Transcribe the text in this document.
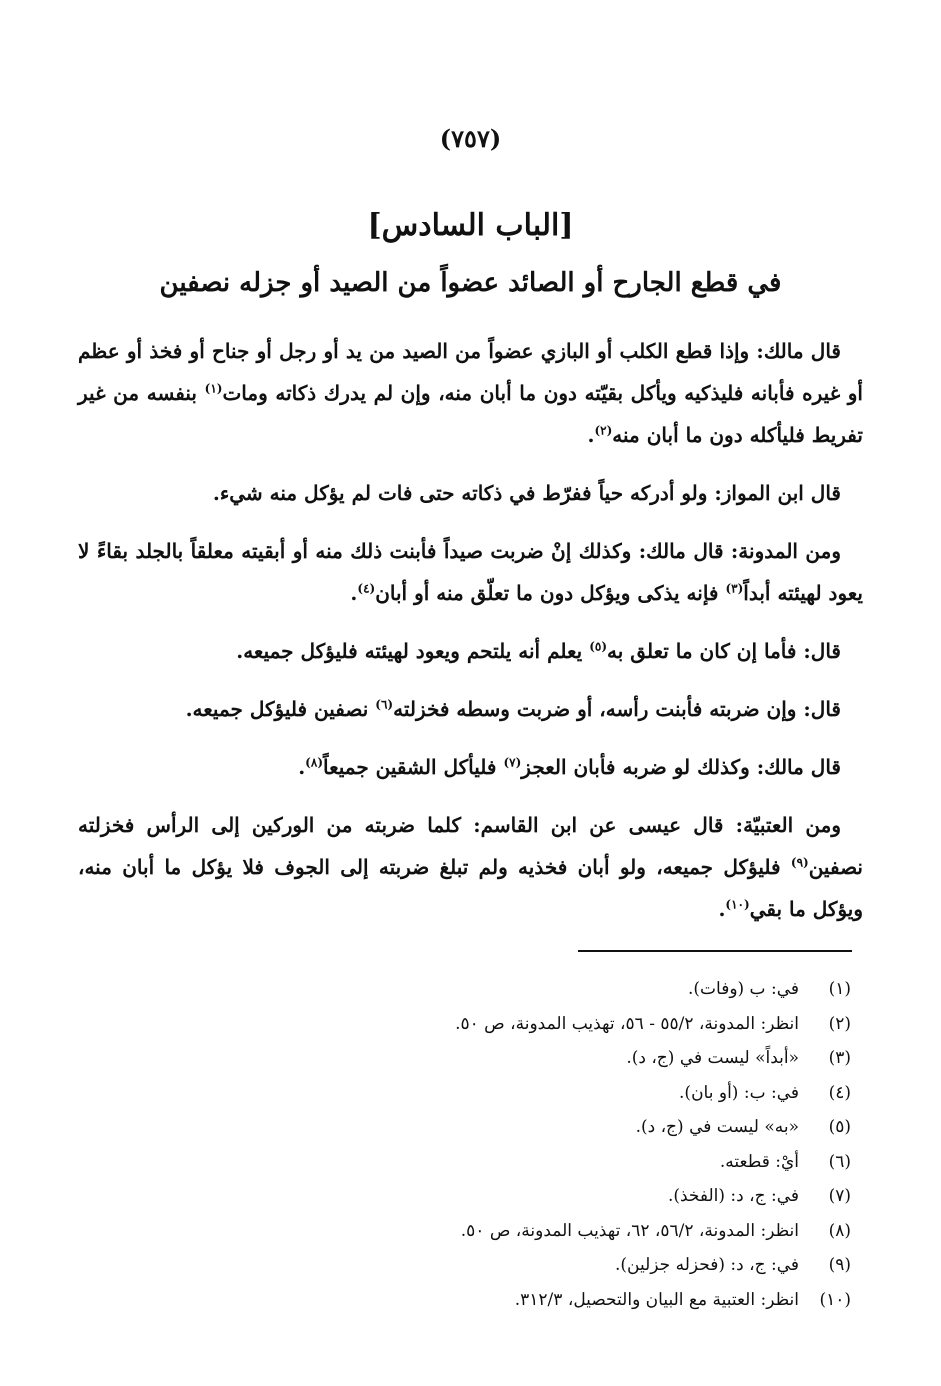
(٧٥٧)
[الباب السادس]
في قطع الجارح أو الصائد عضواً من الصيد أو جزله نصفين

قال مالك: وإذا قطع الكلب أو البازي عضواً من الصيد من يد أو رجل أو جناح أو فخذ أو عظم أو غيره فأبانه فليذكيه ويأكل بقيّته دون ما أبان منه، وإن لم يدرك ذكاته ومات$^{(١)}$ بنفسه من غير تفريط فليأكله دون ما أبان منه$^{(٢)}$.

قال ابن المواز: ولو أدركه حياً ففرّط في ذكاته حتى فات لم يؤكل منه شيء.

ومن المدونة: قال مالك: وكذلك إنْ ضربت صيداً فأبنت ذلك منه أو أبقيته معلقاً بالجلد بقاءً لا يعود لهيئته أبداً$^{(٣)}$ فإنه يذكى ويؤكل دون ما تعلّق منه أو أبان$^{(٤)}$.

قال: فأما إن كان ما تعلق به$^{(٥)}$ يعلم أنه يلتحم ويعود لهيئته فليؤكل جميعه.

قال: وإن ضربته فأبنت رأسه، أو ضربت وسطه فخزلته$^{(٦)}$ نصفين فليؤكل جميعه.

قال مالك: وكذلك لو ضربه فأبان العجز$^{(٧)}$ فليأكل الشقين جميعاً$^{(٨)}$.

ومن العتبيّة: قال عيسى عن ابن القاسم: كلما ضربته من الوركين إلى الرأس فخزلته نصفين$^{(٩)}$ فليؤكل جميعه، ولو أبان فخذيه ولم تبلغ ضربته إلى الجوف فلا يؤكل ما أبان منه، ويؤكل ما بقي$^{(١٠)}$.

(١)
في: ب (وفات).
(٢)
انظر: المدونة، ٥٥/٢ - ٥٦، تهذيب المدونة، ص ٥٠.
(٣)
«أبداً» ليست في (ج، د).
(٤)
في: ب: (أو بان).
(٥)
«به» ليست في (ج، د).
(٦)
أيْ: قطعته.
(٧)
في: ج، د: (الفخذ).
(٨)
انظر: المدونة، ٥٦/٢، ٦٢، تهذيب المدونة، ص ٥٠.
(٩)
في: ج، د: (فحزله جزلين).
(١٠)
انظر: العتبية مع البيان والتحصيل، ٣١٢/٣.
